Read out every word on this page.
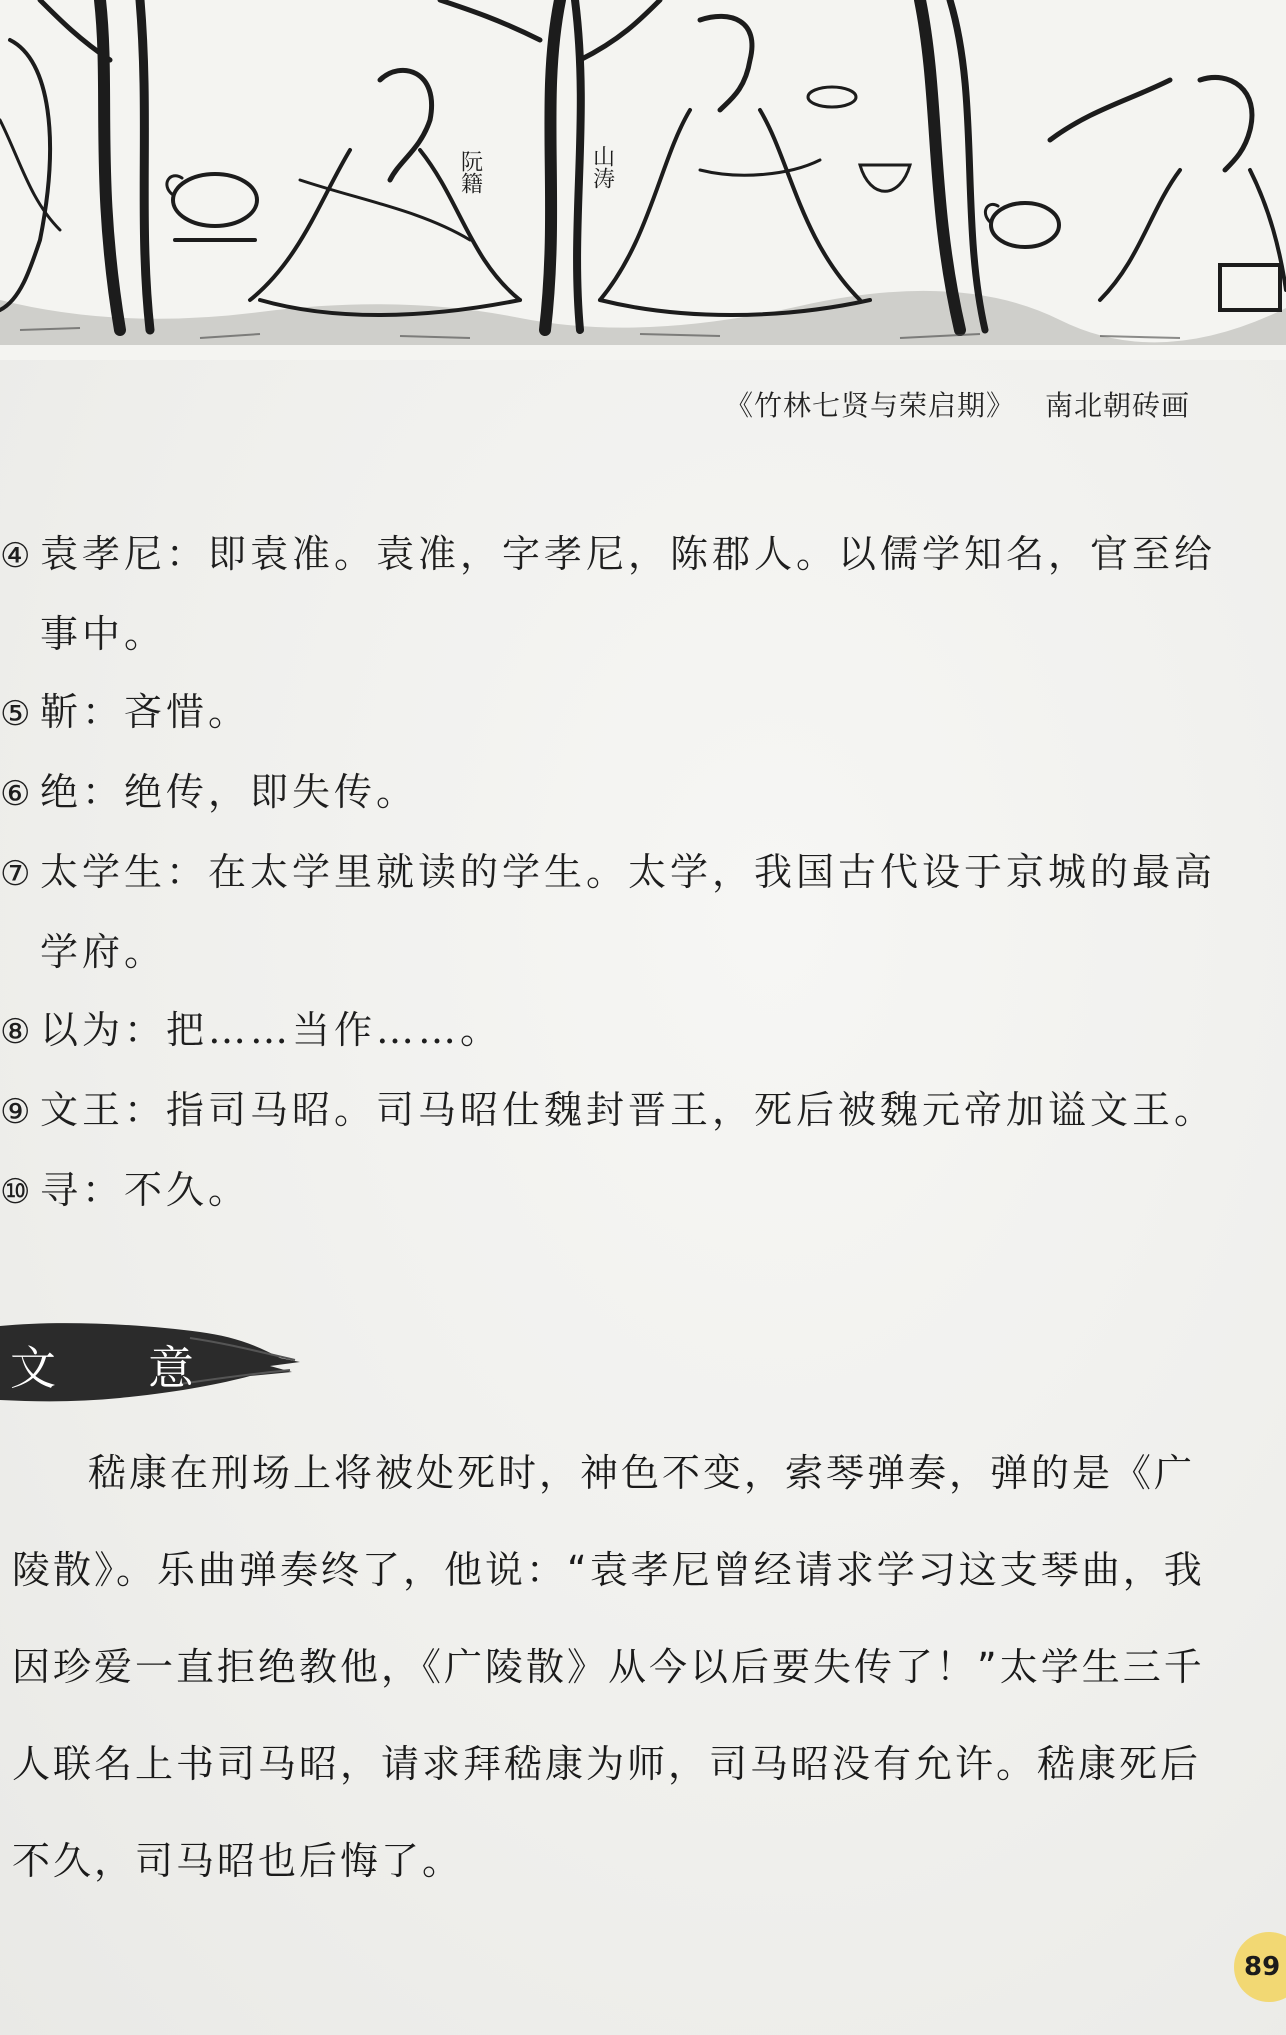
阮籍	山涛
《竹林七贤与荣启期》 南北朝砖画
④ 袁孝尼：即袁准。袁准，字孝尼，陈郡人。以儒学知名，官至给
事中。
⑤ 靳：吝惜。
⑥ 绝：绝传，即失传。
⑦ 太学生：在太学里就读的学生。太学，我国古代设于京城的最高
学府。
⑧ 以为：把……当作……。
⑨ 文王：指司马昭。司马昭仕魏封晋王，死后被魏元帝加谥文王。
⑩ 寻：不久。
文 意
嵇康在刑场上将被处死时，神色不变，索琴弹奏，弹的是《广
陵散》。乐曲弹奏终了，他说：“袁孝尼曾经请求学习这支琴曲，我
因珍爱一直拒绝教他，《广陵散》从今以后要失传了！”太学生三千
人联名上书司马昭，请求拜嵇康为师，司马昭没有允许。嵇康死后
不久，司马昭也后悔了。
89
